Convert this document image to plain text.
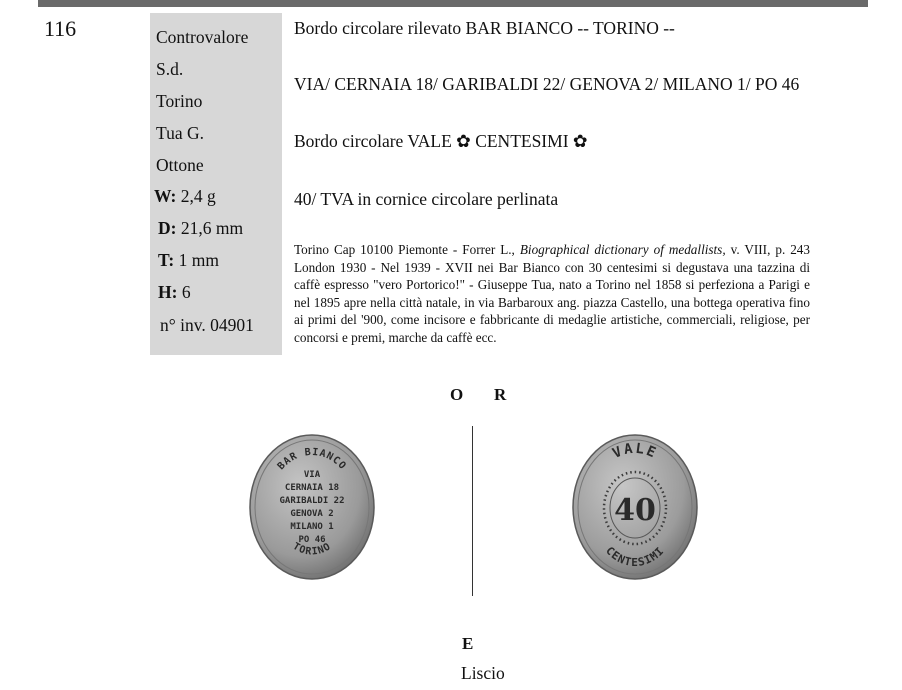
116	Controvalore
S.d.
Torino
Tua G.
Ottone
W: 2,4 g
D: 21,6 mm
T: 1 mm
H: 6
n° inv. 04901
Bordo circolare rilevato BAR BIANCO -- TORINO --
VIA/ CERNAIA 18/ GARIBALDI 22/ GENOVA 2/ MILANO 1/ PO 46
Bordo circolare VALE ✿ CENTESIMI ✿
40/ TVA in cornice circolare perlinata
Torino Cap 10100 Piemonte - Forrer L., Biographical dictionary of medallists, v. VIII, p. 243 London 1930 - Nel 1939 - XVII nei Bar Bianco con 30 centesimi si degustava una tazzina di caffè espresso "vero Portorico!" - Giuseppe Tua, nato a Torino nel 1858 si perfeziona a Parigi e nel 1895 apre nella città natale, in via Barbaroux ang. piazza Castello, una bottega operativa fino ai primi del '900, come incisore e fabbricante di medaglie artistiche, commerciali, religiose, per concorsi e premi, marche da caffè ecc.
O R
BAR BIANCO
TORINO
VIA
CERNAIA 18
GARIBALDI 22
GENOVA 2
MILANO 1
PO 46
VALE
CENTESIMI
40
E
Liscio
